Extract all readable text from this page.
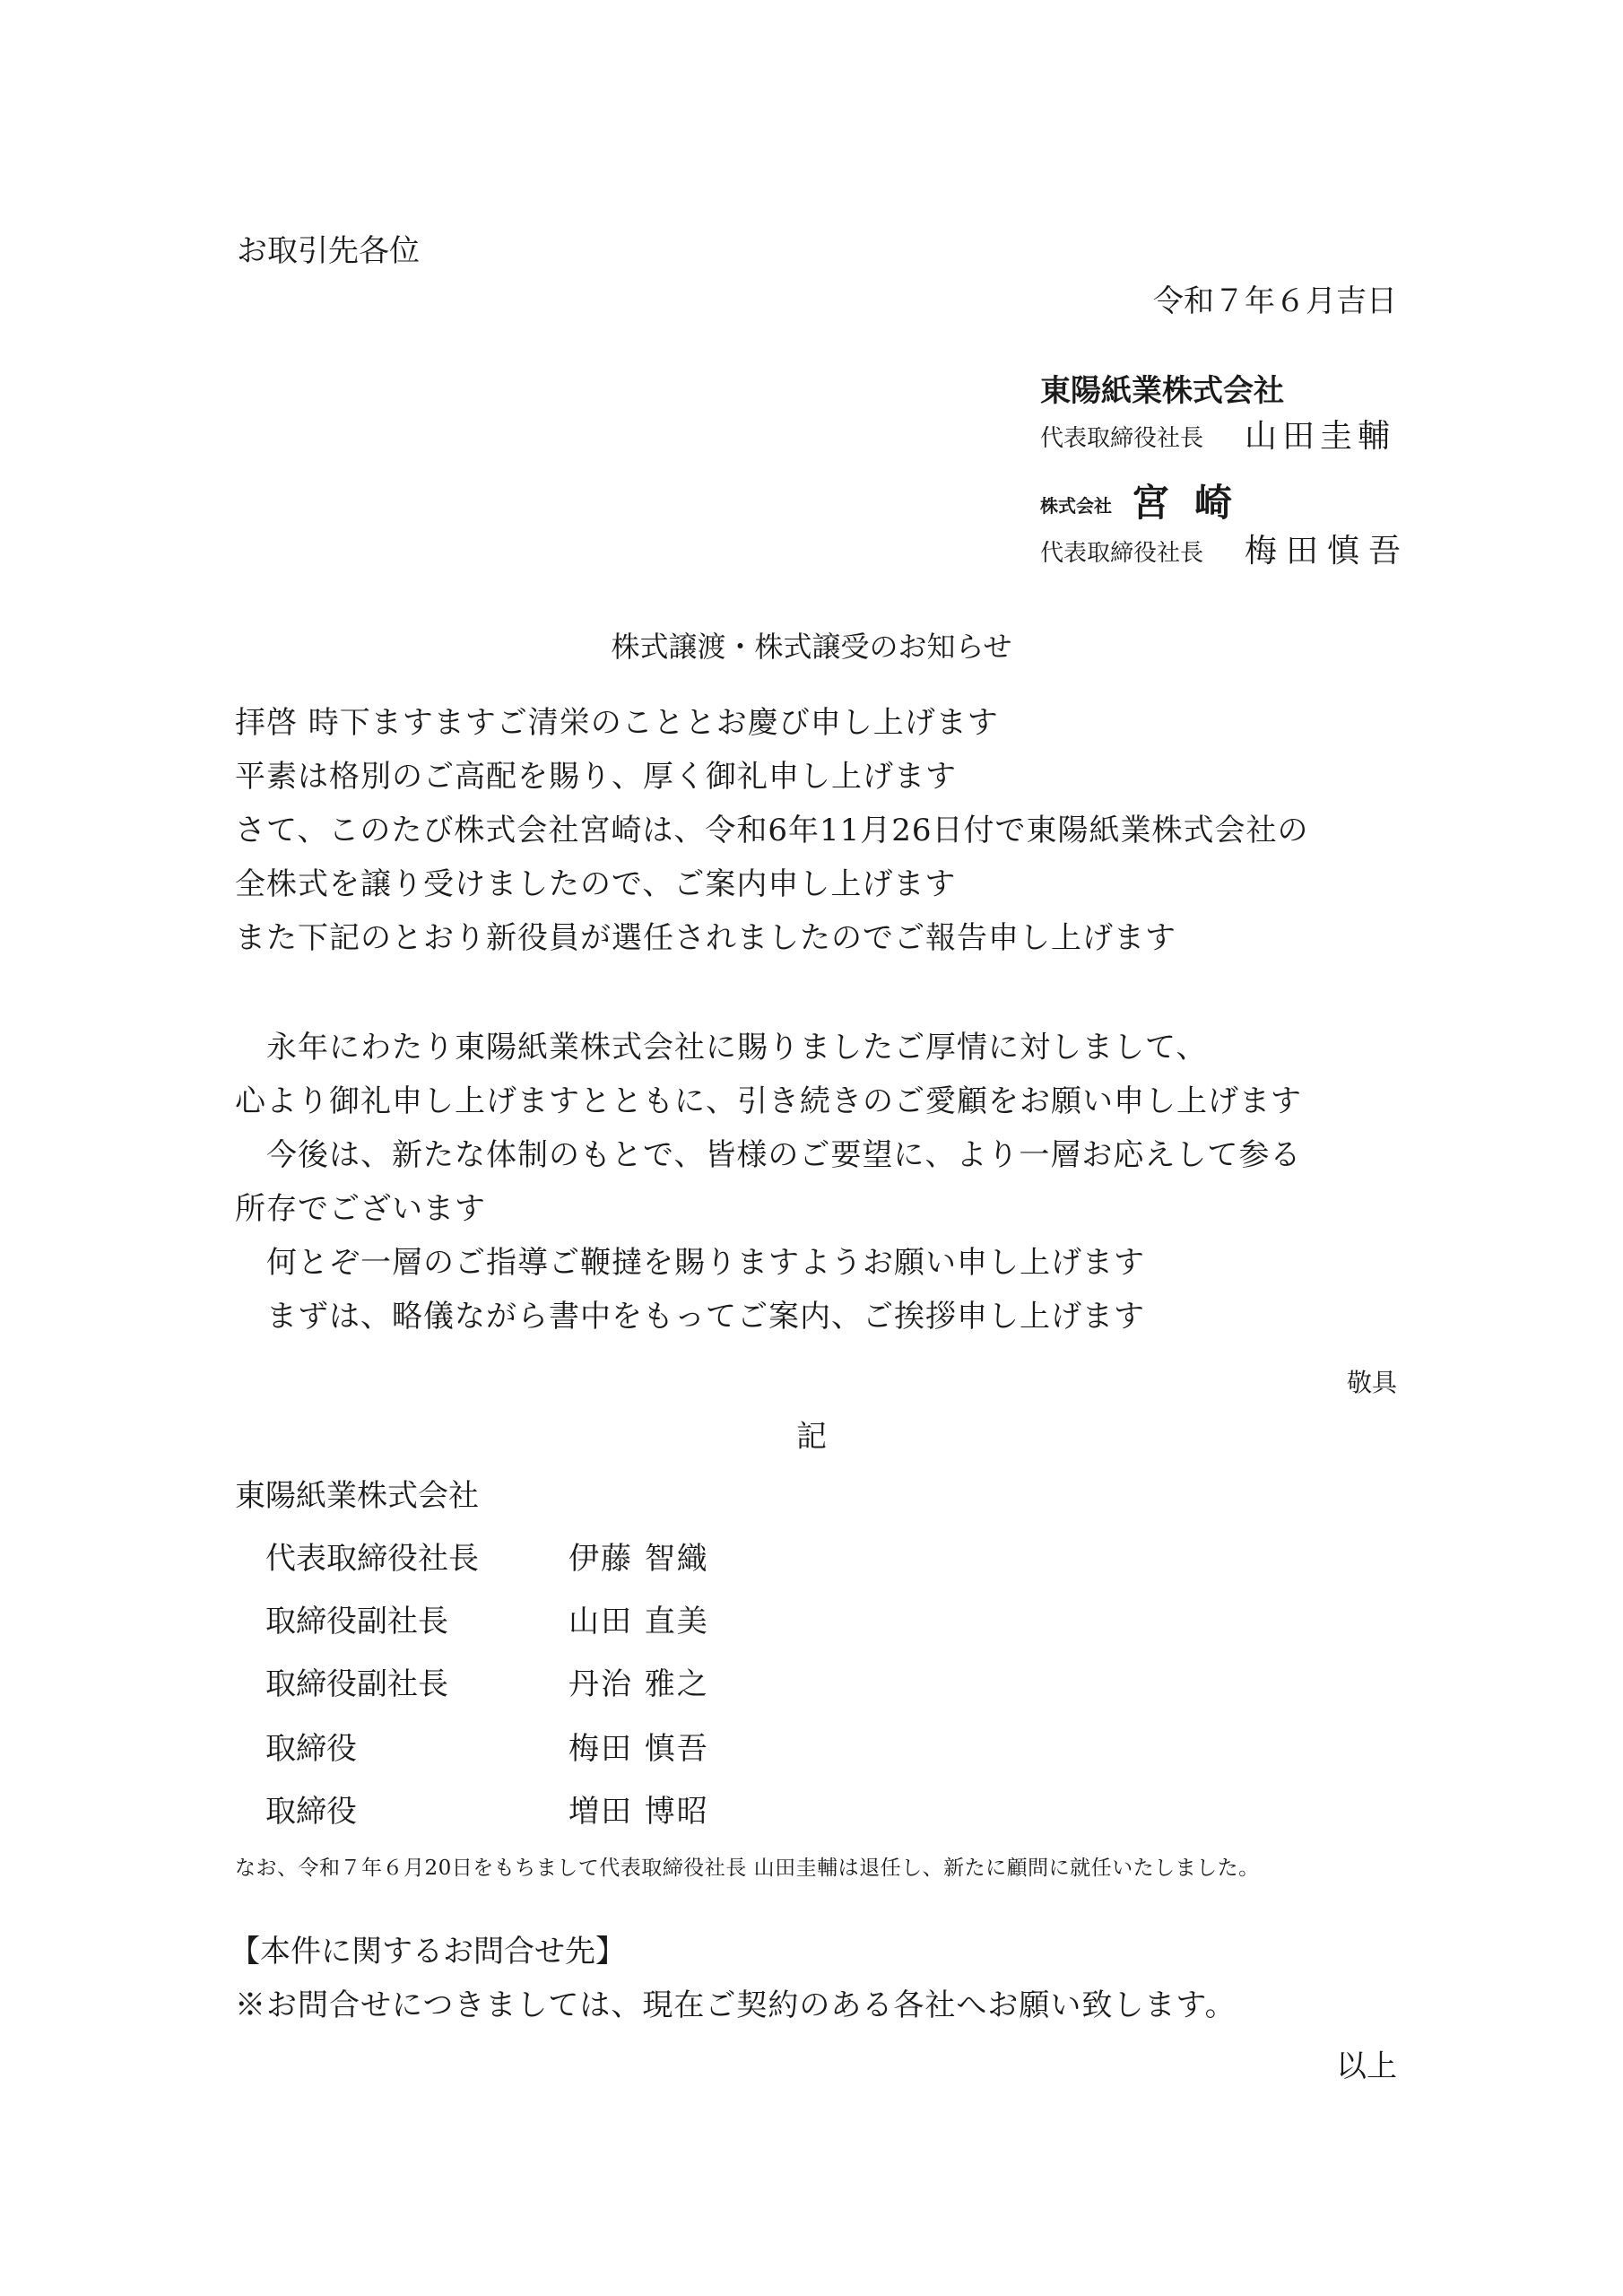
お取引先各位
令和７年６月吉日
東陽紙業株式会社
代表取締役社長 山田圭輔
株式会社 宮崎
代表取締役社長 梅田慎吾
株式譲渡・株式譲受のお知らせ
拝啓 時下ますますご清栄のこととお慶び申し上げます
平素は格別のご高配を賜り、厚く御礼申し上げます
さて、このたび株式会社宮崎は、令和6年11月26日付で東陽紙業株式会社の
全株式を譲り受けましたので、ご案内申し上げます
また下記のとおり新役員が選任されましたのでご報告申し上げます
　永年にわたり東陽紙業株式会社に賜りましたご厚情に対しまして、
心より御礼申し上げますとともに、引き続きのご愛顧をお願い申し上げます
　今後は、新たな体制のもとで、皆様のご要望に、より一層お応えして参る
所存でございます
　何とぞ一層のご指導ご鞭撻を賜りますようお願い申し上げます
　まずは、略儀ながら書中をもってご案内、ご挨拶申し上げます
敬具
記
東陽紙業株式会社
代表取締役社長	伊藤 智織
取締役副社長	山田 直美
取締役副社長	丹治 雅之
取締役	梅田 慎吾
取締役	増田 博昭
なお、令和７年６月20日をもちまして代表取締役社長 山田圭輔は退任し、新たに顧問に就任いたしました。
【本件に関するお問合せ先】
※お問合せにつきましては、現在ご契約のある各社へお願い致します。
以上
